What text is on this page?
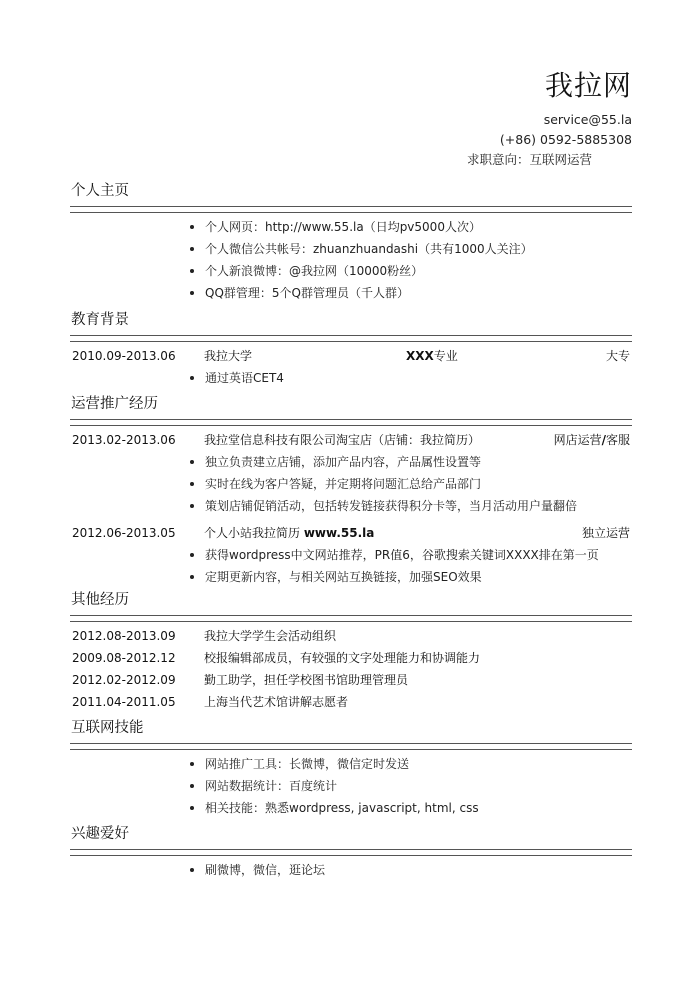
我拉网
service@55.la
(+86) 0592-5885308
求职意向：互联网运营
个人主页
个人网页：http://www.55.la（日均pv5000人次）
个人微信公共帐号：zhuanzhuandashi（共有1000人关注）
个人新浪微博：@我拉网（10000粉丝）
QQ群管理：5个Q群管理员（千人群）
教育背景
2010.09-2013.06 我拉大学	XXX专业	大专
通过英语CET4
运营推广经历
2013.02-2013.06 我拉堂信息科技有限公司淘宝店（店铺：我拉简历）	网店运营/客服
独立负责建立店铺，添加产品内容，产品属性设置等
实时在线为客户答疑，并定期将问题汇总给产品部门
策划店铺促销活动，包括转发链接获得积分卡等，当月活动用户量翻倍
2012.06-2013.05 个人小站我拉简历 www.55.la	独立运营
获得wordpress中文网站推荐，PR值6，谷歌搜索关键词XXXX排在第一页
定期更新内容，与相关网站互换链接，加强SEO效果
其他经历
2012.08-2013.09 我拉大学学生会活动组织
2009.08-2012.12 校报编辑部成员，有较强的文字处理能力和协调能力
2012.02-2012.09 勤工助学，担任学校图书馆助理管理员
2011.04-2011.05 上海当代艺术馆讲解志愿者
互联网技能
网站推广工具：长微博，微信定时发送
网站数据统计：百度统计
相关技能：熟悉wordpress, javascript, html, css
兴趣爱好
刷微博，微信，逛论坛
